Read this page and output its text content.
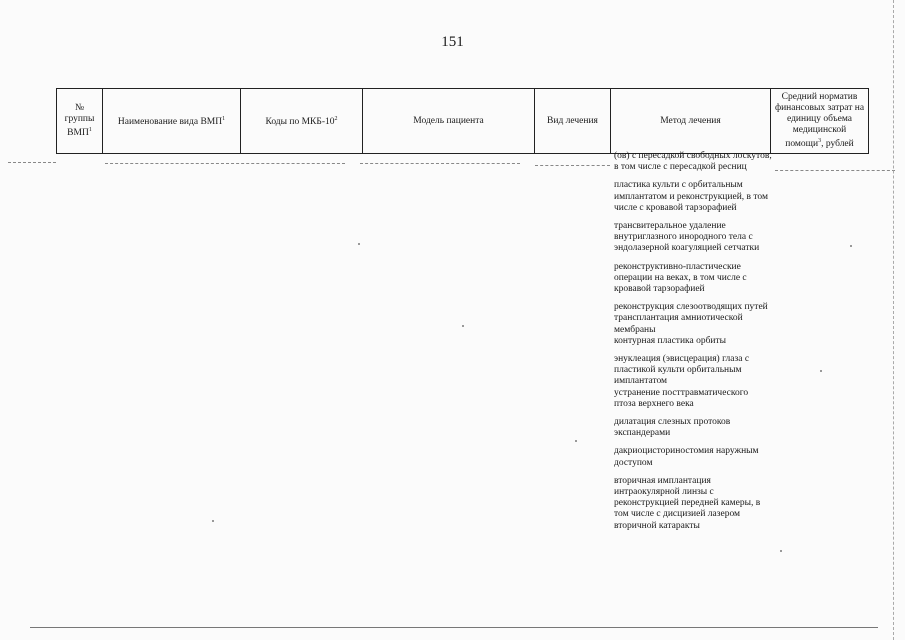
151
№ группы ВМП$^1$	Наименование вида ВМП$^1$	Коды по МКБ-$10^2$	Модель пациента	Вид лечения	Метод лечения	Средний норматив финансовых затрат на единицу объема медицинской помощи$^3$, рублей
(ов) с пересадкой свободных лоскутов, в том числе с пересадкой ресниц
пластика культи с орбитальным имплантатом и реконструкцией, в том числе с кровавой тарзорафией
трансвитеральное удаление внутриглазного инородного тела с эндолазерной коагуляцией сетчатки
реконструктивно-пластические операции на веках, в том числе с кровавой тарзорафией
реконструкция слезоотводящих путей
трансплантация амниотической мембраны
контурная пластика орбиты
энуклеация (эвисцерация) глаза с пластикой культи орбитальным имплантатом
устранение посттравматического птоза верхнего века
дилатация слезных протоков экспандерами
дакриоцисториностомия наружным доступом
вторичная имплантация интраокулярной линзы с реконструкцией передней камеры, в том числе с дисцизией лазером вторичной катаракты
